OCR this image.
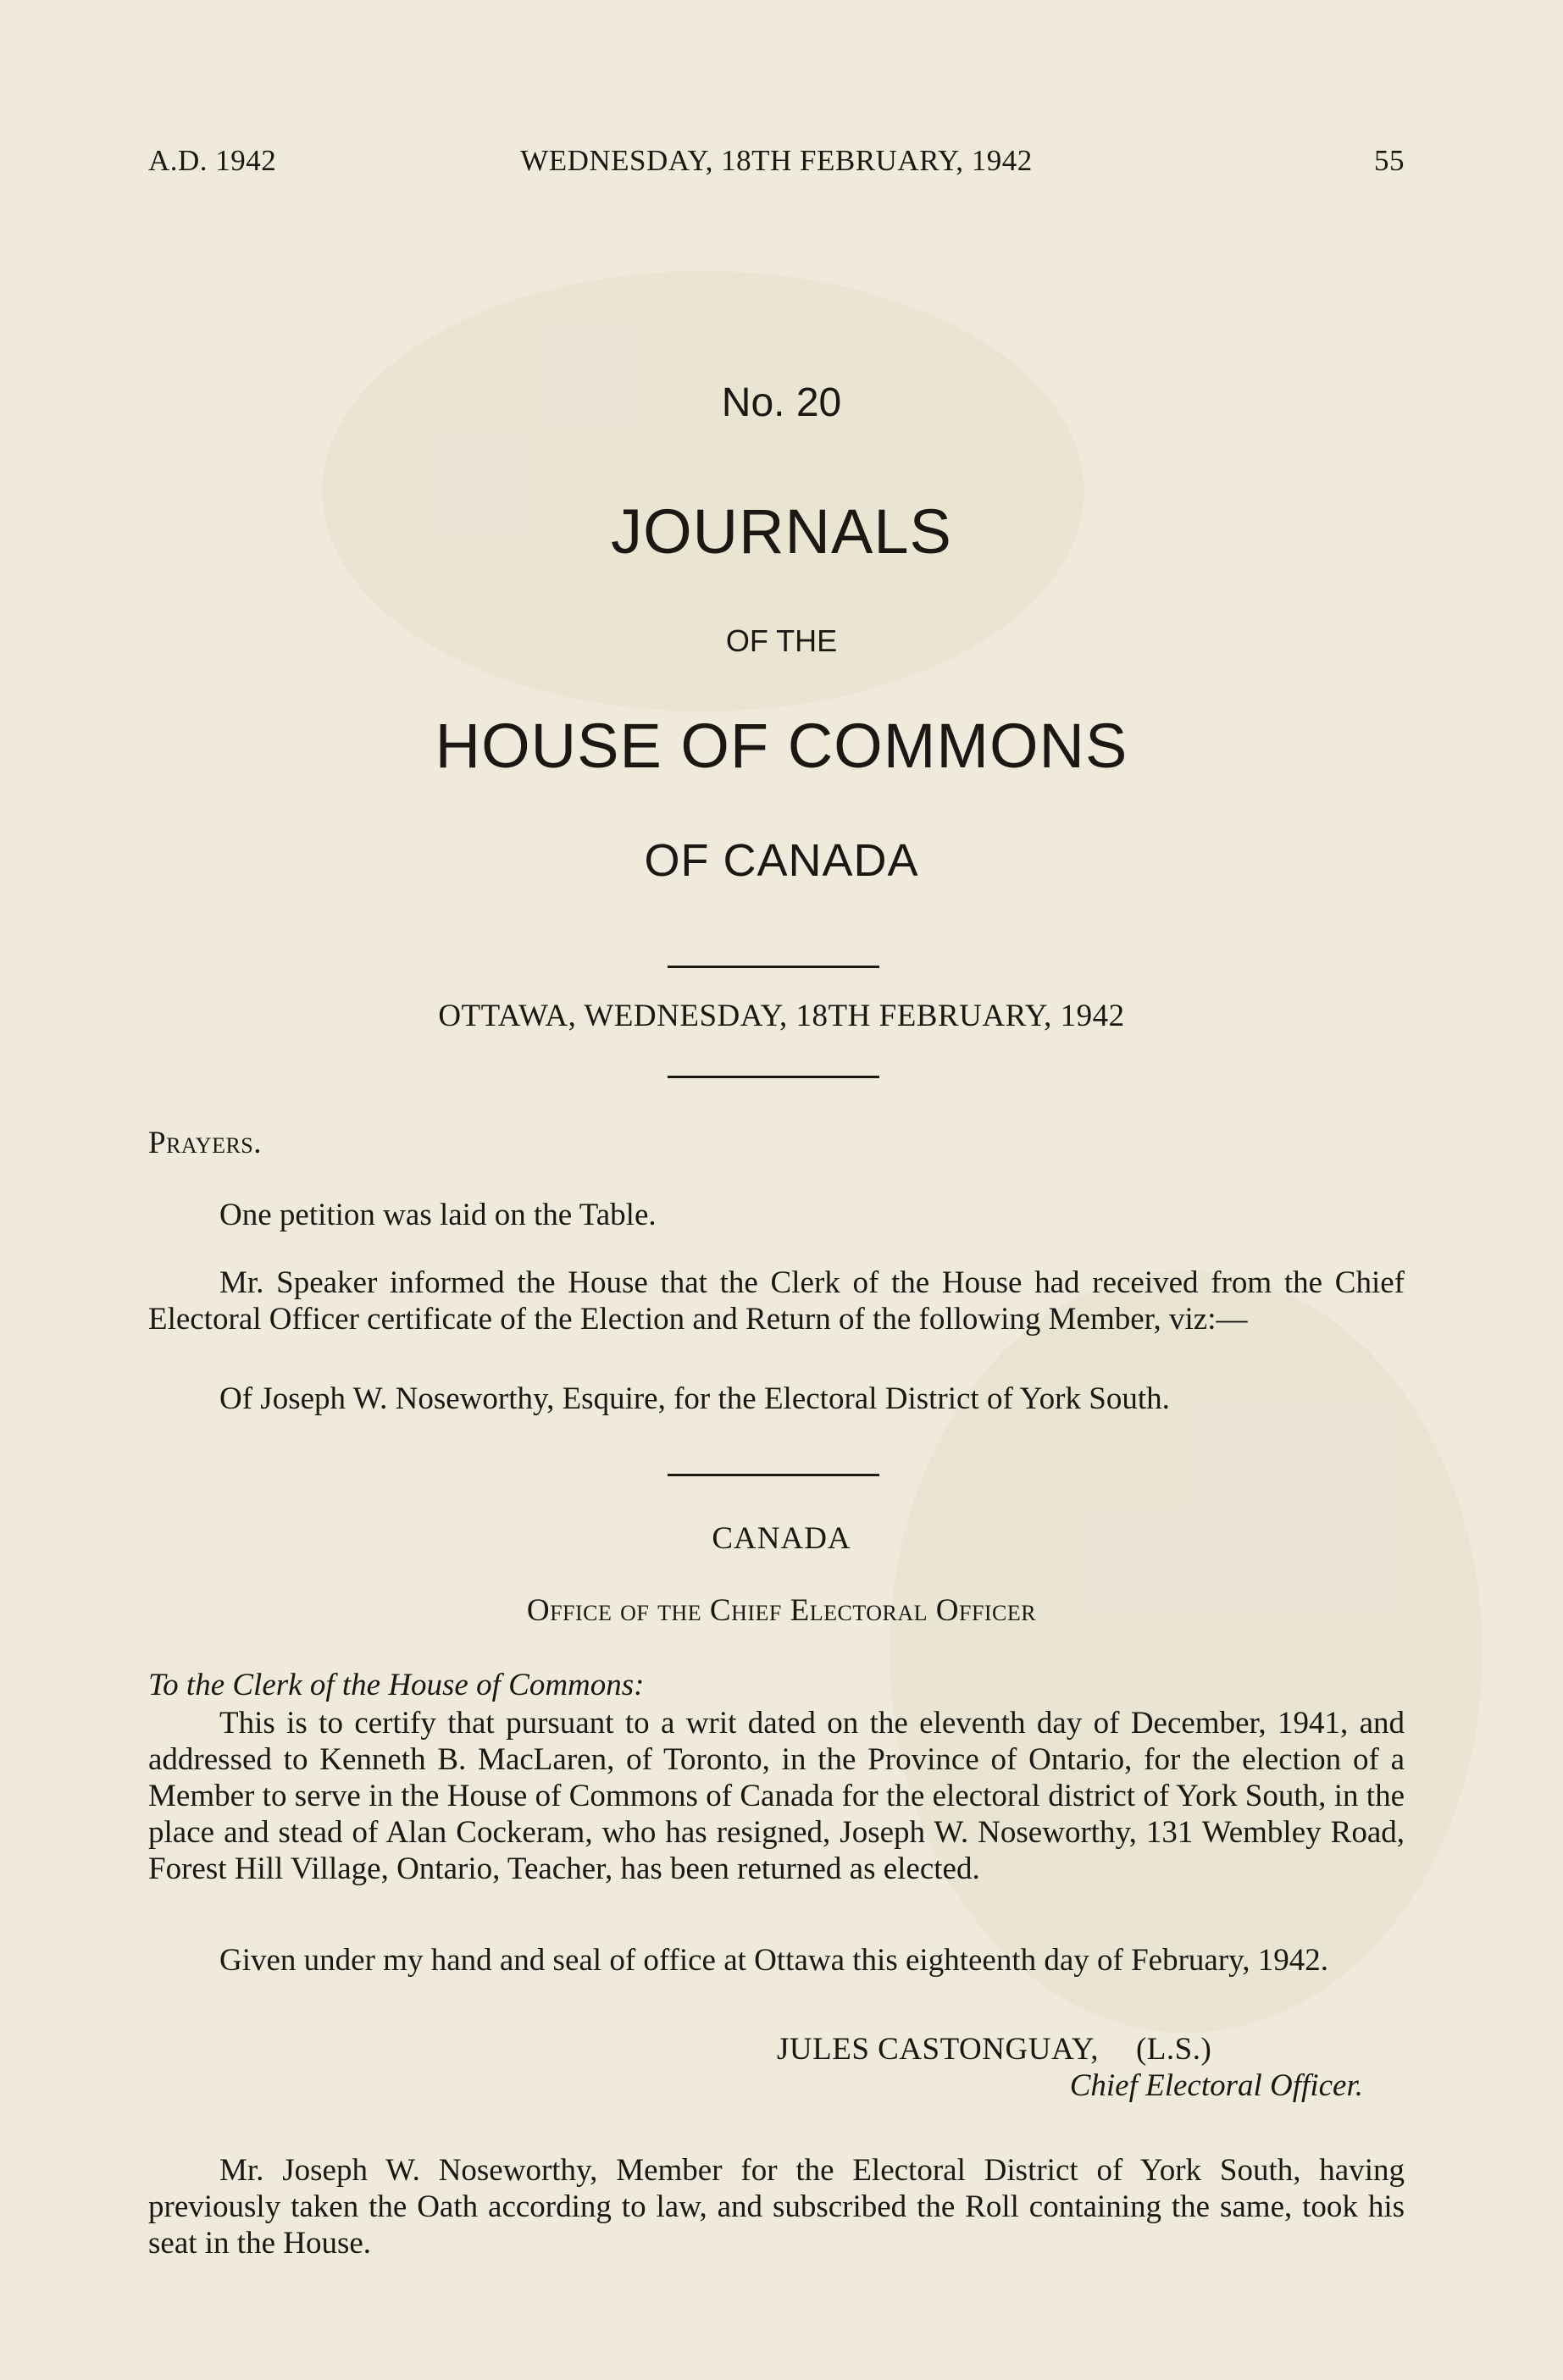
A.D. 1942	WEDNESDAY, 18TH FEBRUARY, 1942	55
No. 20
JOURNALS
OF THE
HOUSE OF COMMONS
OF CANADA
OTTAWA, WEDNESDAY, 18TH FEBRUARY, 1942
Prayers.
One petition was laid on the Table.
Mr. Speaker informed the House that the Clerk of the House had received from the Chief Electoral Officer certificate of the Election and Return of the following Member, viz:—
Of Joseph W. Noseworthy, Esquire, for the Electoral District of York South.
CANADA
Office of the Chief Electoral Officer
To the Clerk of the House of Commons:
This is to certify that pursuant to a writ dated on the eleventh day of December, 1941, and addressed to Kenneth B. MacLaren, of Toronto, in the Province of Ontario, for the election of a Member to serve in the House of Commons of Canada for the electoral district of York South, in the place and stead of Alan Cockeram, who has resigned, Joseph W. Noseworthy, 131 Wembley Road, Forest Hill Village, Ontario, Teacher, has been returned as elected.
Given under my hand and seal of office at Ottawa this eighteenth day of February, 1942.
JULES CASTONGUAY, (L.S.)
Chief Electoral Officer.
Mr. Joseph W. Noseworthy, Member for the Electoral District of York South, having previously taken the Oath according to law, and subscribed the Roll containing the same, took his seat in the House.
